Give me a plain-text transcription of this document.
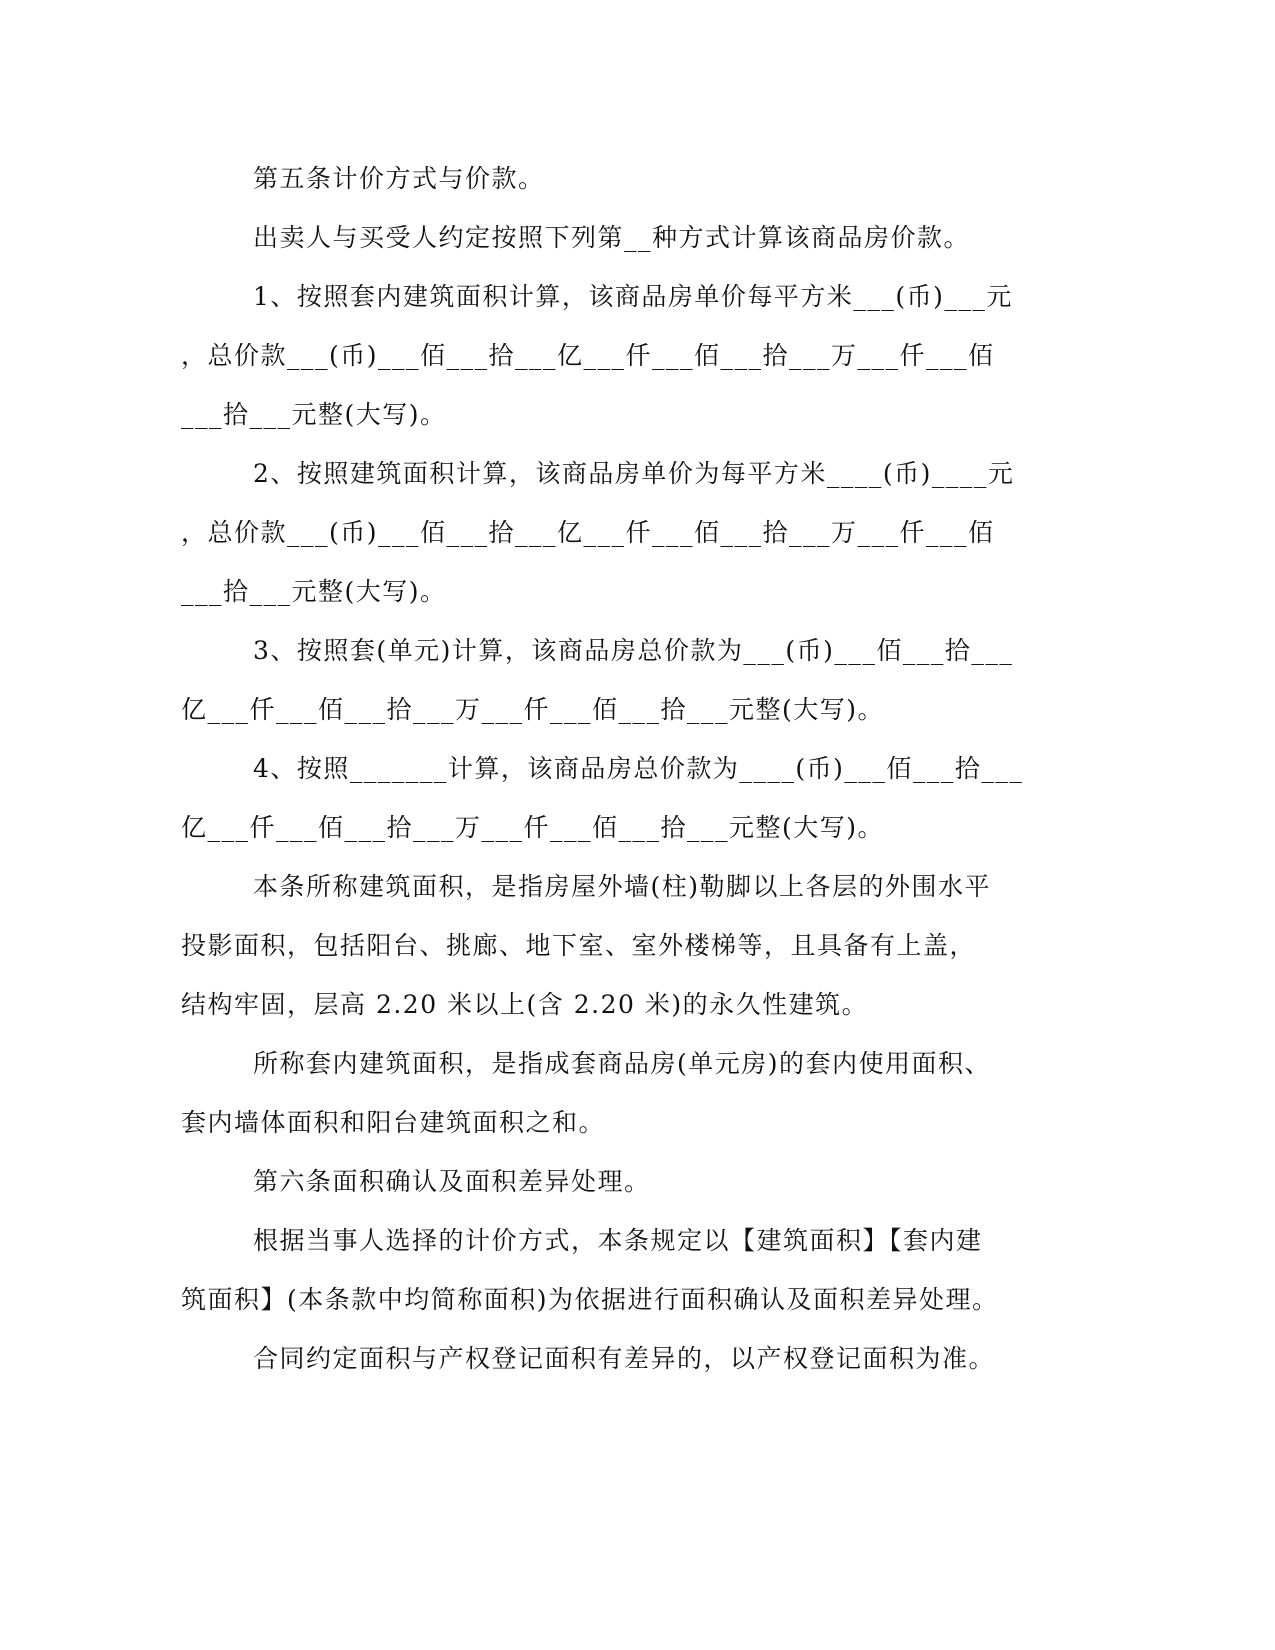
第五条计价方式与价款。
出卖人与买受人约定按照下列第__种方式计算该商品房价款。
1、按照套内建筑面积计算，该商品房单价每平方米___(币)___元
，总价款___(币)___佰___拾___亿___仟___佰___拾___万___仟___佰
___拾___元整(大写)。
2、按照建筑面积计算，该商品房单价为每平方米____(币)____元
，总价款___(币)___佰___拾___亿___仟___佰___拾___万___仟___佰
___拾___元整(大写)。
3、按照套(单元)计算，该商品房总价款为___(币)___佰___拾___
亿___仟___佰___拾___万___仟___佰___拾___元整(大写)。
4、按照_______计算，该商品房总价款为____(币)___佰___拾___
亿___仟___佰___拾___万___仟___佰___拾___元整(大写)。
本条所称建筑面积，是指房屋外墙(柱)勒脚以上各层的外围水平
投影面积，包括阳台、挑廊、地下室、室外楼梯等，且具备有上盖，
结构牢固，层高 2.20 米以上(含 2.20 米)的永久性建筑。
所称套内建筑面积，是指成套商品房(单元房)的套内使用面积、
套内墙体面积和阳台建筑面积之和。
第六条面积确认及面积差异处理。
根据当事人选择的计价方式，本条规定以【建筑面积】【套内建
筑面积】(本条款中均简称面积)为依据进行面积确认及面积差异处理。
合同约定面积与产权登记面积有差异的，以产权登记面积为准。
